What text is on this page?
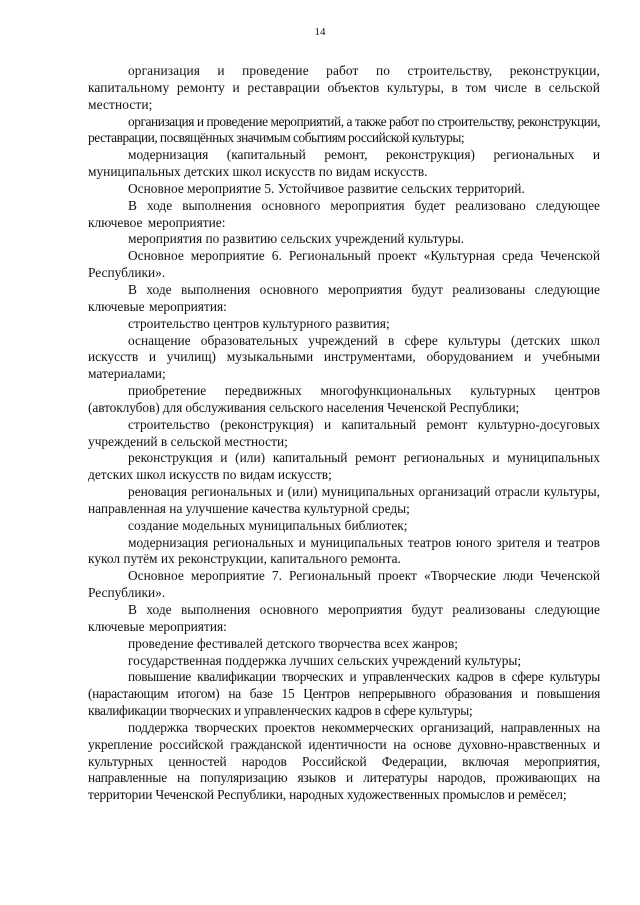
14

организация и проведение работ по строительству, реконструкции, капитальному ремонту и реставрации объектов культуры, в том числе в сельской местности;

организация и проведение мероприятий, а также работ по строительству, реконструкции, реставрации, посвящённых значимым событиям российской культуры;

модернизация (капитальный ремонт, реконструкция) региональных и муниципальных детских школ искусств по видам искусств.

Основное мероприятие 5. Устойчивое развитие сельских территорий.

В ходе выполнения основного мероприятия будет реализовано следующее ключевое мероприятие:

мероприятия по развитию сельских учреждений культуры.

Основное мероприятие 6. Региональный проект «Культурная среда Чеченской Республики».

В ходе выполнения основного мероприятия будут реализованы следующие ключевые мероприятия:

строительство центров культурного развития;

оснащение образовательных учреждений в сфере культуры (детских школ искусств и училищ) музыкальными инструментами, оборудованием и учебными материалами;

приобретение передвижных многофункциональных культурных центров (автоклубов) для обслуживания сельского населения Чеченской Республики;

строительство (реконструкция) и капитальный ремонт культурно-досуговых учреждений в сельской местности;

реконструкция и (или) капитальный ремонт региональных и муниципальных детских школ искусств по видам искусств;

реновация региональных и (или) муниципальных организаций отрасли культуры, направленная на улучшение качества культурной среды;

создание модельных муниципальных библиотек;

модернизация региональных и муниципальных театров юного зрителя и театров кукол путём их реконструкции, капитального ремонта.

Основное мероприятие 7. Региональный проект «Творческие люди Чеченской Республики».

В ходе выполнения основного мероприятия будут реализованы следующие ключевые мероприятия:

проведение фестивалей детского творчества всех жанров;

государственная поддержка лучших сельских учреждений культуры;

повышение квалификации творческих и управленческих кадров в сфере культуры (нарастающим итогом) на базе 15 Центров непрерывного образования и повышения квалификации творческих и управленческих кадров в сфере культуры;

поддержка творческих проектов некоммерческих организаций, направленных на укрепление российской гражданской идентичности на основе духовно-нравственных и культурных ценностей народов Российской Федерации, включая мероприятия, направленные на популяризацию языков и литературы народов, проживающих на территории Чеченской Республики, народных художественных промыслов и ремёсел;
